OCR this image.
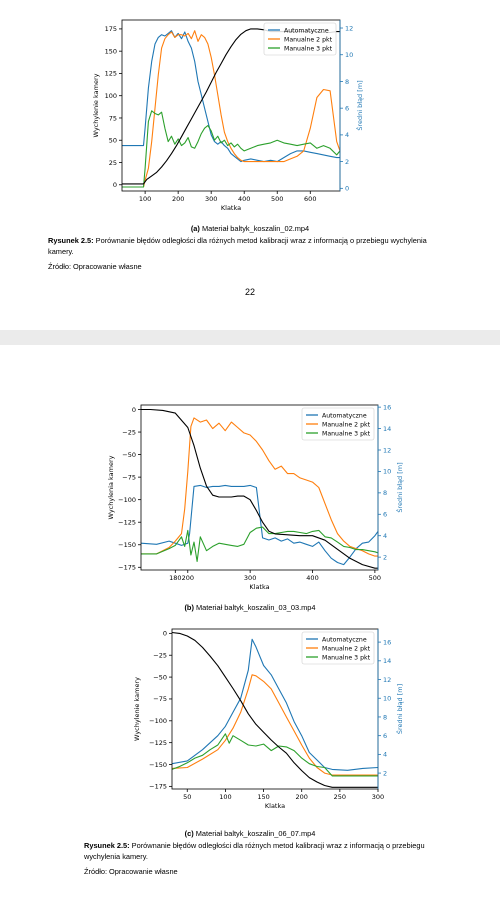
100	200	300	400	500	600
0
25
50
75
100
125
150
175
0
2
4
6
8
10
12
Klatka
Wychylenie kamery	Średni błąd [m]
Automatyczne
Manualne 2 pkt
Manualne 3 pkt
(a) Materiał baltyk_koszalin_02.mp4
Rysunek 2.5: Porównanie błędów odległości dla różnych metod kalibracji wraz z informacją o przebiegu wychylenia kamery.
Źródło: Opracowanie własne
22
180 200	300	400	500
0
−25
−50
−75
−100
−125
−150
−175
2
4
6
8
10
12
14
16
Klatka
Wychylenia kamery	Średni błąd [m]
Automatyczne
Manualne 2 pkt
Manualne 3 pkt
(b) Materiał baltyk_koszalin_03_03.mp4
50	100	150	200	250	300
0
−25
−50
−75
−100
−125
−150
−175
2
4
6
8
10
12
14
16
Klatka
Wychylenie kamery	Średni błąd [m]
Automatyczne
Manualne 2 pkt
Manualne 3 pkt
(c) Materiał baltyk_koszalin_06_07.mp4
Rysunek 2.5: Porównanie błędów odległości dla różnych metod kalibracji wraz z informacją o przebiegu wychylenia kamery.
Źródło: Opracowanie własne
